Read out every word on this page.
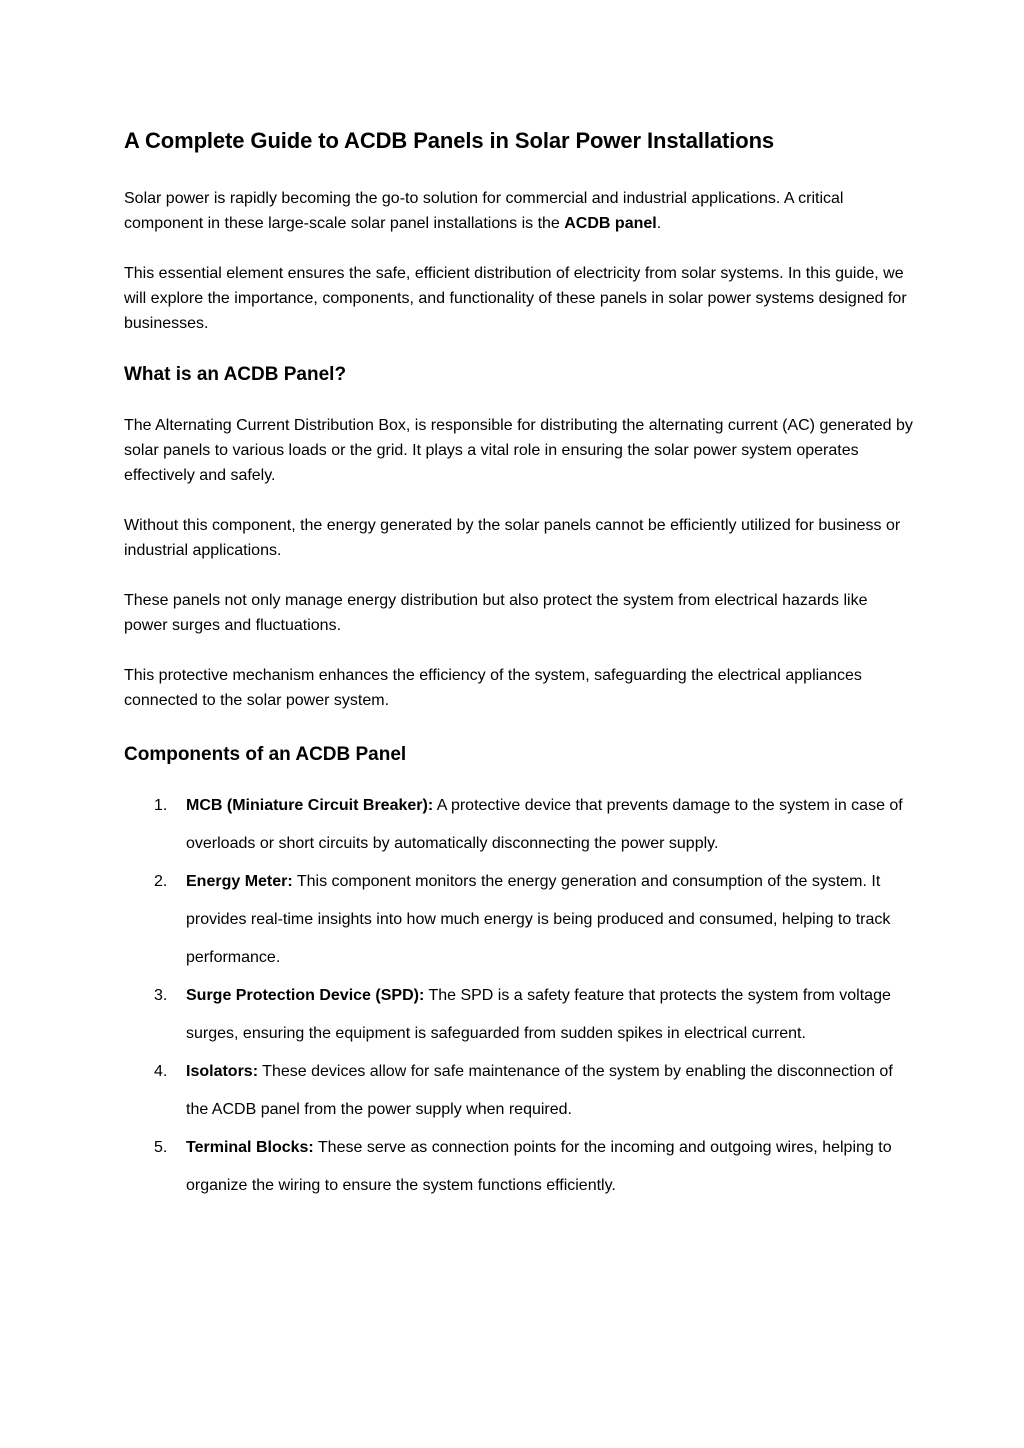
A Complete Guide to ACDB Panels in Solar Power Installations

Solar power is rapidly becoming the go-to solution for commercial and industrial applications. A critical component in these large-scale solar panel installations is the ACDB panel.

This essential element ensures the safe, efficient distribution of electricity from solar systems. In this guide, we will explore the importance, components, and functionality of these panels in solar power systems designed for businesses.

What is an ACDB Panel?

The Alternating Current Distribution Box, is responsible for distributing the alternating current (AC) generated by solar panels to various loads or the grid. It plays a vital role in ensuring the solar power system operates effectively and safely.

Without this component, the energy generated by the solar panels cannot be efficiently utilized for business or industrial applications.

These panels not only manage energy distribution but also protect the system from electrical hazards like power surges and fluctuations.

This protective mechanism enhances the efficiency of the system, safeguarding the electrical appliances connected to the solar power system.

Components of an ACDB Panel
1. MCB (Miniature Circuit Breaker): A protective device that prevents damage to the system in case of overloads or short circuits by automatically disconnecting the power supply.
2. Energy Meter: This component monitors the energy generation and consumption of the system. It provides real-time insights into how much energy is being produced and consumed, helping to track performance.
3. Surge Protection Device (SPD): The SPD is a safety feature that protects the system from voltage surges, ensuring the equipment is safeguarded from sudden spikes in electrical current.
4. Isolators: These devices allow for safe maintenance of the system by enabling the disconnection of the ACDB panel from the power supply when required.
5. Terminal Blocks: These serve as connection points for the incoming and outgoing wires, helping to organize the wiring to ensure the system functions efficiently.
